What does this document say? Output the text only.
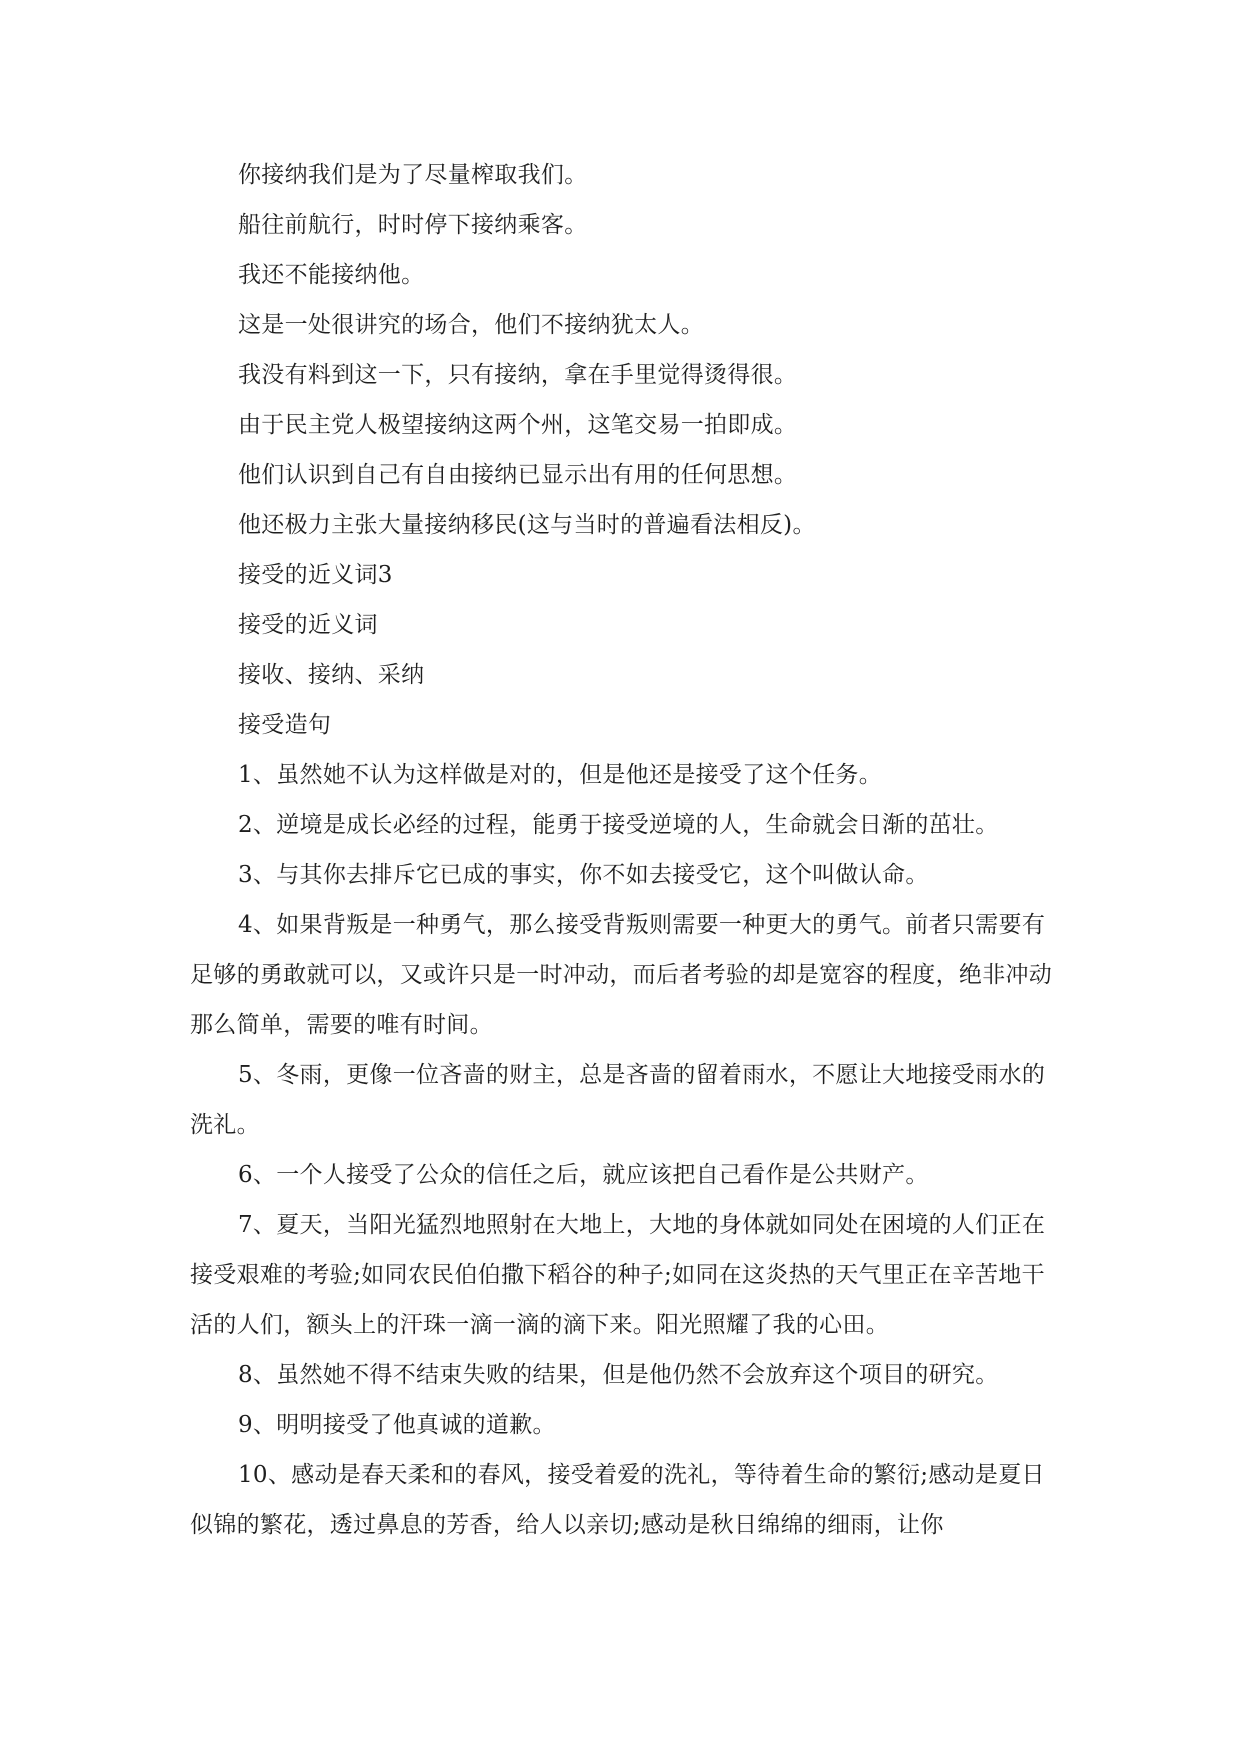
你接纳我们是为了尽量榨取我们。

船往前航行，时时停下接纳乘客。

我还不能接纳他。

这是一处很讲究的场合，他们不接纳犹太人。

我没有料到这一下，只有接纳，拿在手里觉得烫得很。

由于民主党人极望接纳这两个州，这笔交易一拍即成。

他们认识到自己有自由接纳已显示出有用的任何思想。

他还极力主张大量接纳移民(这与当时的普遍看法相反)。

接受的近义词3

接受的近义词

接收、接纳、采纳

接受造句

1、虽然她不认为这样做是对的，但是他还是接受了这个任务。

2、逆境是成长必经的过程，能勇于接受逆境的人，生命就会日渐的茁壮。

3、与其你去排斥它已成的事实，你不如去接受它，这个叫做认命。

4、如果背叛是一种勇气，那么接受背叛则需要一种更大的勇气。前者只需要有足够的勇敢就可以，又或许只是一时冲动，而后者考验的却是宽容的程度，绝非冲动那么简单，需要的唯有时间。

5、冬雨，更像一位吝啬的财主，总是吝啬的留着雨水，不愿让大地接受雨水的洗礼。

6、一个人接受了公众的信任之后，就应该把自己看作是公共财产。

7、夏天，当阳光猛烈地照射在大地上，大地的身体就如同处在困境的人们正在接受艰难的考验;如同农民伯伯撒下稻谷的种子;如同在这炎热的天气里正在辛苦地干活的人们，额头上的汗珠一滴一滴的滴下来。阳光照耀了我的心田。

8、虽然她不得不结束失败的结果，但是他仍然不会放弃这个项目的研究。

9、明明接受了他真诚的道歉。

10、感动是春天柔和的春风，接受着爱的洗礼，等待着生命的繁衍;感动是夏日似锦的繁花，透过鼻息的芳香，给人以亲切;感动是秋日绵绵的细雨，让你
